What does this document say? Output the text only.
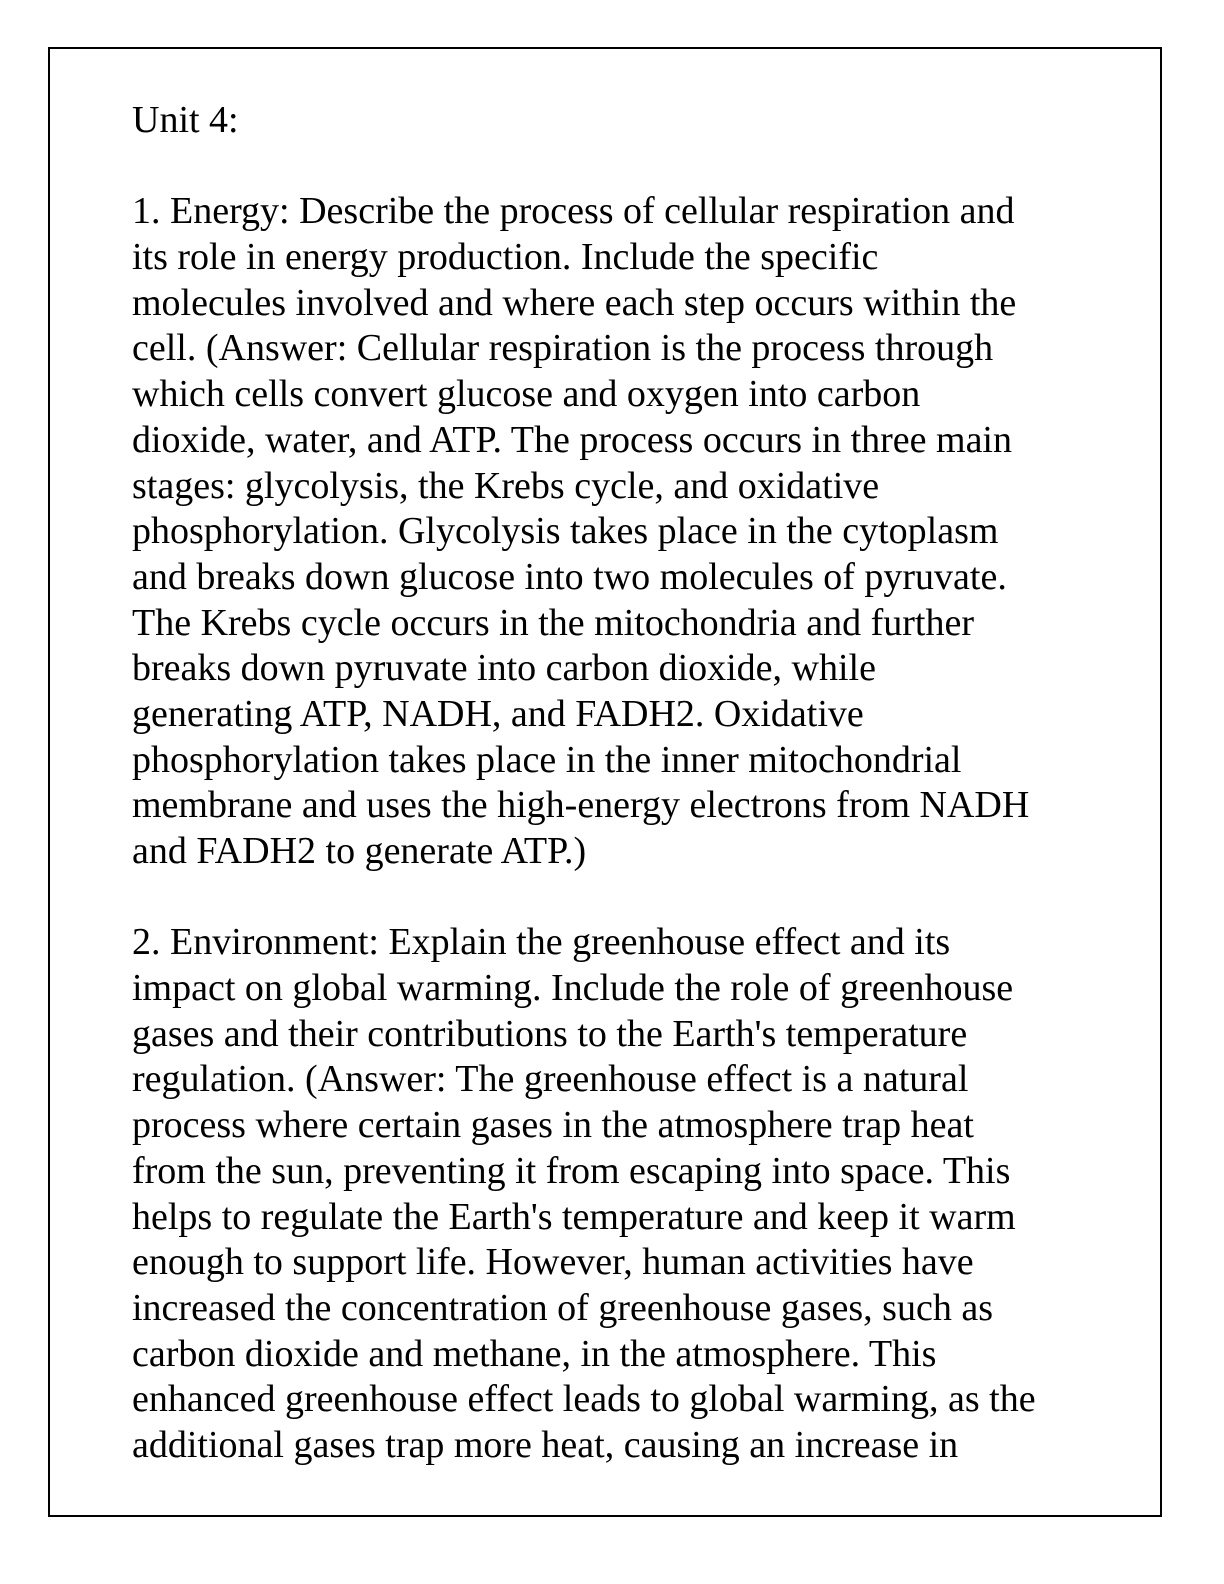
Unit 4:
1. Energy: Describe the process of cellular respiration and
its role in energy production. Include the specific
molecules involved and where each step occurs within the
cell. (Answer: Cellular respiration is the process through
which cells convert glucose and oxygen into carbon
dioxide, water, and ATP. The process occurs in three main
stages: glycolysis, the Krebs cycle, and oxidative
phosphorylation. Glycolysis takes place in the cytoplasm
and breaks down glucose into two molecules of pyruvate.
The Krebs cycle occurs in the mitochondria and further
breaks down pyruvate into carbon dioxide, while
generating ATP, NADH, and FADH2. Oxidative
phosphorylation takes place in the inner mitochondrial
membrane and uses the high-energy electrons from NADH
and FADH2 to generate ATP.)
2. Environment: Explain the greenhouse effect and its
impact on global warming. Include the role of greenhouse
gases and their contributions to the Earth's temperature
regulation. (Answer: The greenhouse effect is a natural
process where certain gases in the atmosphere trap heat
from the sun, preventing it from escaping into space. This
helps to regulate the Earth's temperature and keep it warm
enough to support life. However, human activities have
increased the concentration of greenhouse gases, such as
carbon dioxide and methane, in the atmosphere. This
enhanced greenhouse effect leads to global warming, as the
additional gases trap more heat, causing an increase in
